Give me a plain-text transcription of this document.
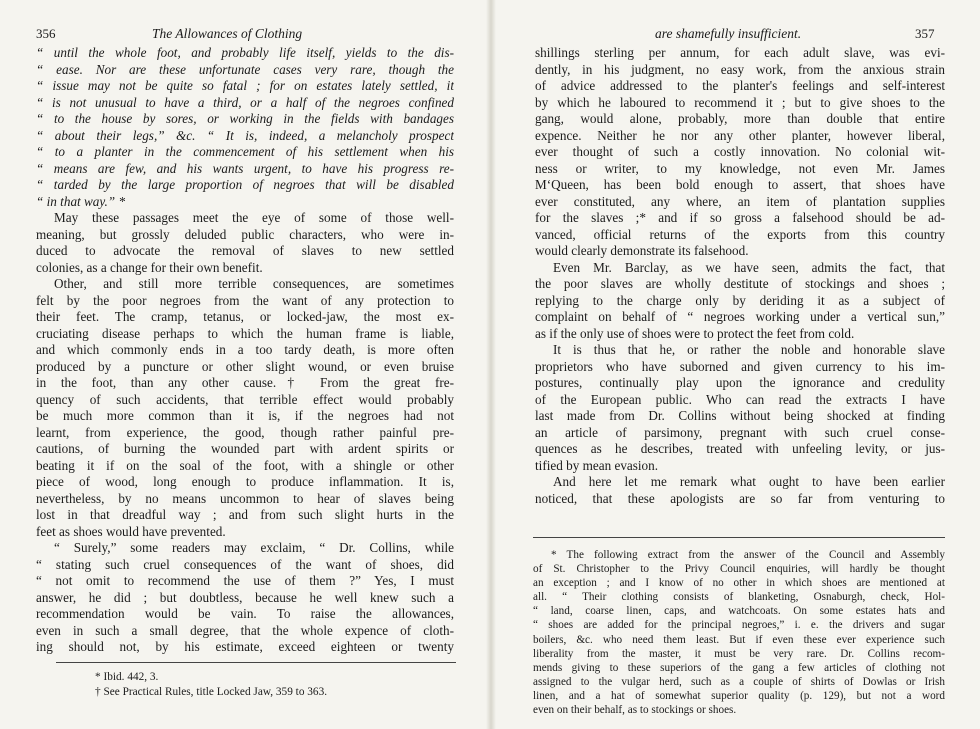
356	The Allowances of Clothing
“ until the whole foot, and probably life itself, yields to the dis-
“ ease. Nor are these unfortunate cases very rare, though the
“ issue may not be quite so fatal ; for on estates lately settled, it
“ is not unusual to have a third, or a half of the negroes confined
“ to the house by sores, or working in the fields with bandages
“ about their legs,” &c. “ It is, indeed, a melancholy prospect
“ to a planter in the commencement of his settlement when his
“ means are few, and his wants urgent, to have his progress re-
“ tarded by the large proportion of negroes that will be disabled
“ in that way.” *
May these passages meet the eye of some of those well-
meaning, but grossly deluded public characters, who were in-
duced to advocate the removal of slaves to new settled
colonies, as a change for their own benefit.
Other, and still more terrible consequences, are sometimes
felt by the poor negroes from the want of any protection to
their feet. The cramp, tetanus, or locked-jaw, the most ex-
cruciating disease perhaps to which the human frame is liable,
and which commonly ends in a too tardy death, is more often
produced by a puncture or other slight wound, or even bruise
in the foot, than any other cause.† From the great fre-
quency of such accidents, that terrible effect would probably
be much more common than it is, if the negroes had not
learnt, from experience, the good, though rather painful pre-
cautions, of burning the wounded part with ardent spirits or
beating it if on the soal of the foot, with a shingle or other
piece of wood, long enough to produce inflammation. It is,
nevertheless, by no means uncommon to hear of slaves being
lost in that dreadful way ; and from such slight hurts in the
feet as shoes would have prevented.
“ Surely,” some readers may exclaim, “ Dr. Collins, while
“ stating such cruel consequences of the want of shoes, did
“ not omit to recommend the use of them ?” Yes, I must
answer, he did ; but doubtless, because he well knew such a
recommendation would be vain. To raise the allowances,
even in such a small degree, that the whole expence of cloth-
ing should not, by his estimate, exceed eighteen or twenty
* Ibid. 442, 3.
† See Practical Rules, title Locked Jaw, 359 to 363.
are shamefully insufficient.	357
shillings sterling per annum, for each adult slave, was evi-
dently, in his judgment, no easy work, from the anxious strain
of advice addressed to the planter's feelings and self-interest
by which he laboured to recommend it ; but to give shoes to the
gang, would alone, probably, more than double that entire
expence. Neither he nor any other planter, however liberal,
ever thought of such a costly innovation. No colonial wit-
ness or writer, to my knowledge, not even Mr. James
M‘Queen, has been bold enough to assert, that shoes have
ever constituted, any where, an item of plantation supplies
for the slaves ;* and if so gross a falsehood should be ad-
vanced, official returns of the exports from this country
would clearly demonstrate its falsehood.
Even Mr. Barclay, as we have seen, admits the fact, that
the poor slaves are wholly destitute of stockings and shoes ;
replying to the charge only by deriding it as a subject of
complaint on behalf of “ negroes working under a vertical sun,”
as if the only use of shoes were to protect the feet from cold.
It is thus that he, or rather the noble and honorable slave
proprietors who have suborned and given currency to his im-
postures, continually play upon the ignorance and credulity
of the European public. Who can read the extracts I have
last made from Dr. Collins without being shocked at finding
an article of parsimony, pregnant with such cruel conse-
quences as he describes, treated with unfeeling levity, or jus-
tified by mean evasion.
And here let me remark what ought to have been earlier
noticed, that these apologists are so far from venturing to
* The following extract from the answer of the Council and Assembly
of St. Christopher to the Privy Council enquiries, will hardly be thought
an exception ; and I know of no other in which shoes are mentioned at
all. “ Their clothing consists of blanketing, Osnaburgh, check, Hol-
“ land, coarse linen, caps, and watchcoats. On some estates hats and
“ shoes are added for the principal negroes,” i. e. the drivers and sugar
boilers, &c. who need them least. But if even these ever experience such
liberality from the master, it must be very rare. Dr. Collins recom-
mends giving to these superiors of the gang a few articles of clothing not
assigned to the vulgar herd, such as a couple of shirts of Dowlas or Irish
linen, and a hat of somewhat superior quality (p. 129), but not a word
even on their behalf, as to stockings or shoes.
